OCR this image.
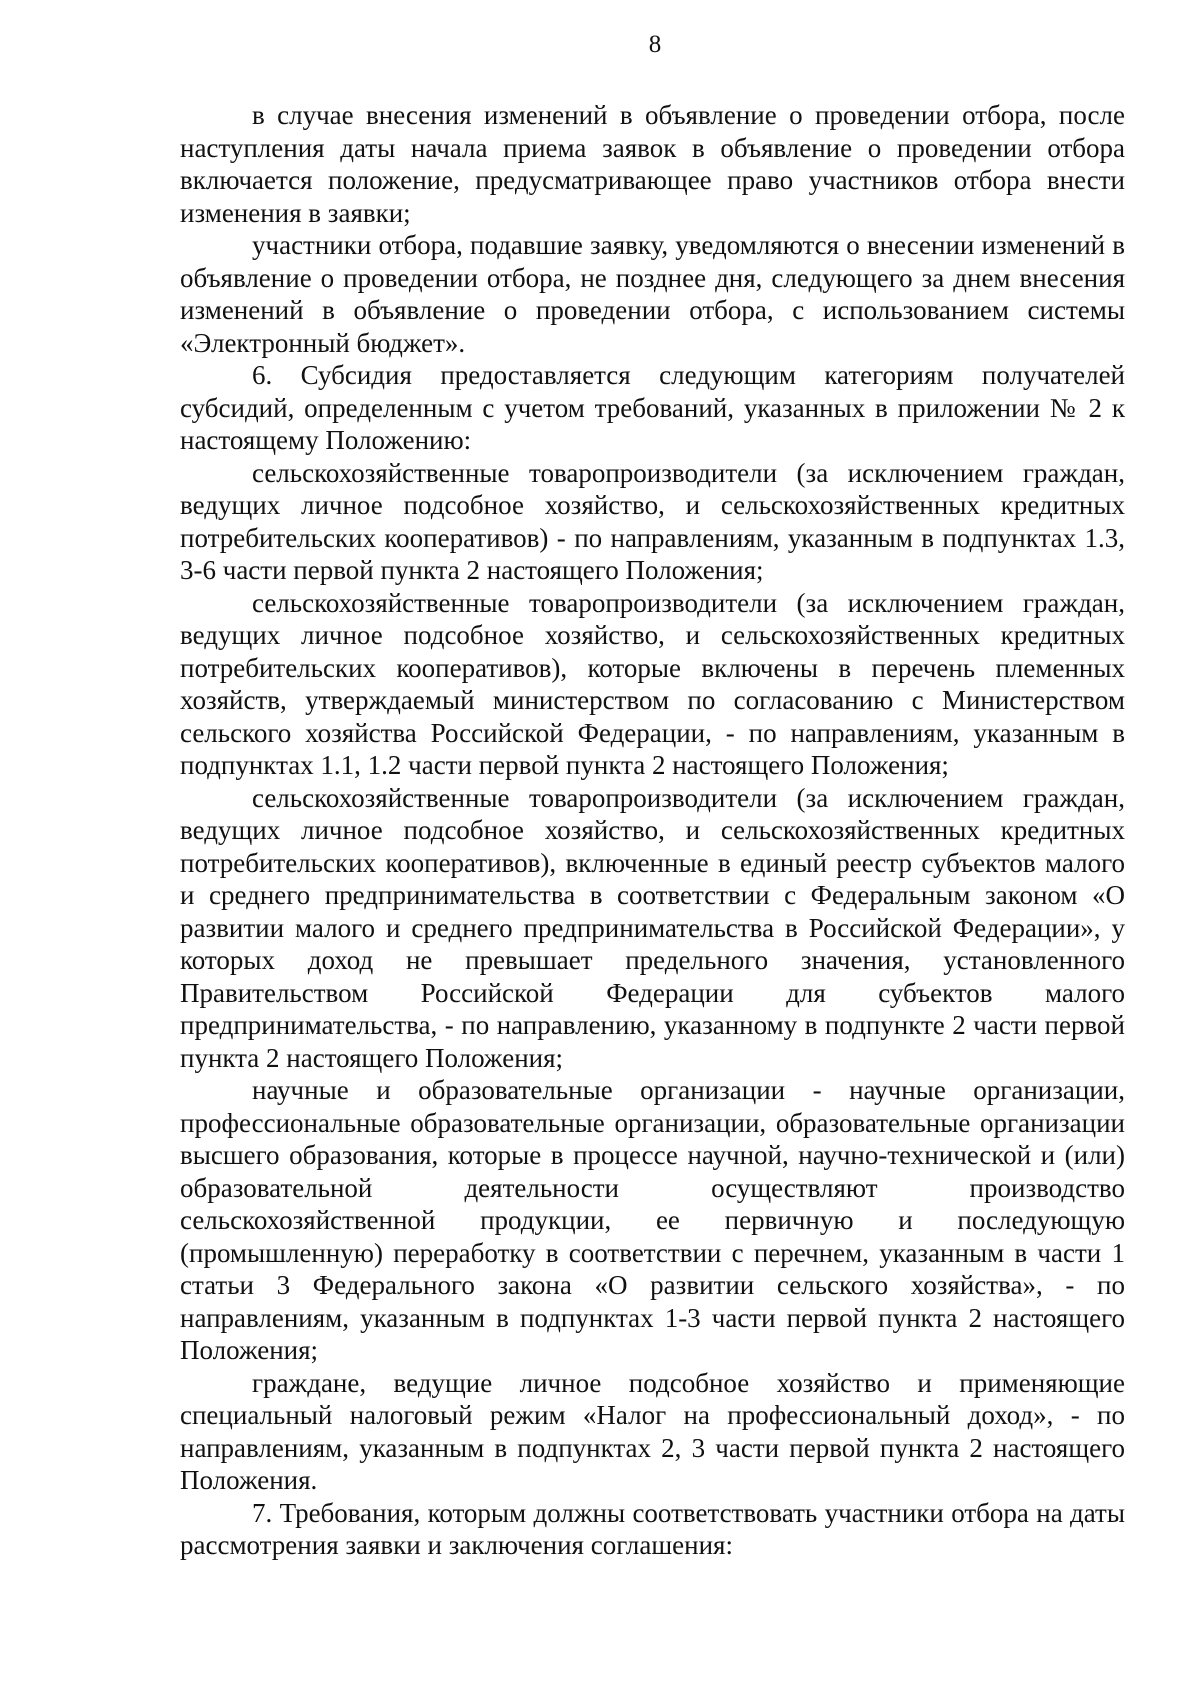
8

в случае внесения изменений в объявление о проведении отбора, после наступления даты начала приема заявок в объявление о проведении отбора включается положение, предусматривающее право участников отбора внести изменения в заявки;

участники отбора, подавшие заявку, уведомляются о внесении изменений в объявление о проведении отбора, не позднее дня, следующего за днем внесения изменений в объявление о проведении отбора, с использованием системы «Электронный бюджет».

6. Субсидия предоставляется следующим категориям получателей субсидий, определенным с учетом требований, указанных в приложении № 2 к настоящему Положению:

сельскохозяйственные товаропроизводители (за исключением граждан, ведущих личное подсобное хозяйство, и сельскохозяйственных кредитных потребительских кооперативов) - по направлениям, указанным в подпунктах 1.3, 3-6 части первой пункта 2 настоящего Положения;

сельскохозяйственные товаропроизводители (за исключением граждан, ведущих личное подсобное хозяйство, и сельскохозяйственных кредитных потребительских кооперативов), которые включены в перечень племенных хозяйств, утверждаемый министерством по согласованию с Министерством сельского хозяйства Российской Федерации, - по направлениям, указанным в подпунктах 1.1, 1.2 части первой пункта 2 настоящего Положения;

сельскохозяйственные товаропроизводители (за исключением граждан, ведущих личное подсобное хозяйство, и сельскохозяйственных кредитных потребительских кооперативов), включенные в единый реестр субъектов малого и среднего предпринимательства в соответствии с Федеральным законом «О развитии малого и среднего предпринимательства в Российской Федерации», у которых доход не превышает предельного значения, установленного Правительством Российской Федерации для субъектов малого предпринимательства, - по направлению, указанному в подпункте 2 части первой пункта 2 настоящего Положения;

научные и образовательные организации - научные организации, профессиональные образовательные организации, образовательные организации высшего образования, которые в процессе научной, научно-технической и (или) образовательной деятельности осуществляют производство сельскохозяйственной продукции, ее первичную и последующую (промышленную) переработку в соответствии с перечнем, указанным в части 1 статьи 3 Федерального закона «О развитии сельского хозяйства», - по направлениям, указанным в подпунктах 1-3 части первой пункта 2 настоящего Положения;

граждане, ведущие личное подсобное хозяйство и применяющие специальный налоговый режим «Налог на профессиональный доход», - по направлениям, указанным в подпунктах 2, 3 части первой пункта 2 настоящего Положения.

7. Требования, которым должны соответствовать участники отбора на даты рассмотрения заявки и заключения соглашения:
